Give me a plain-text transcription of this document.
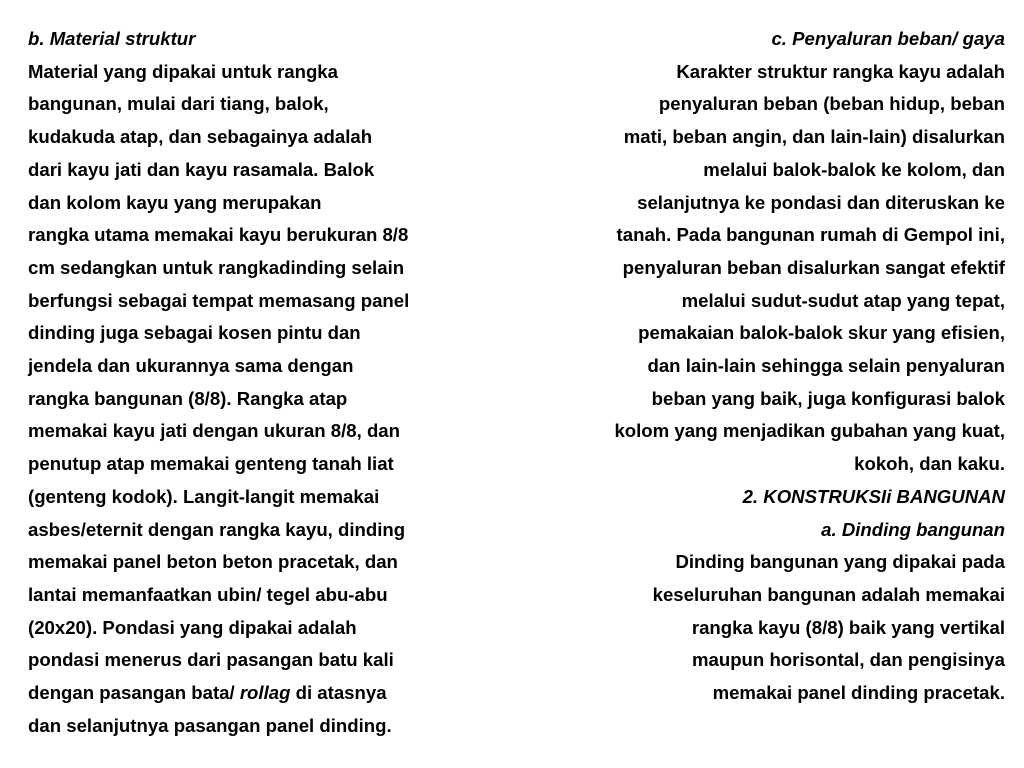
b. Material struktur
Material yang dipakai untuk rangka
bangunan, mulai dari tiang, balok,
kudakuda atap, dan sebagainya adalah
dari kayu jati dan kayu rasamala. Balok
dan kolom kayu yang merupakan
rangka utama memakai kayu berukuran 8/8
cm sedangkan untuk rangkadinding selain
berfungsi sebagai tempat memasang panel
dinding juga sebagai kosen pintu dan
jendela dan ukurannya sama dengan
rangka bangunan (8/8). Rangka atap
memakai kayu jati dengan ukuran 8/8, dan
penutup atap memakai genteng tanah liat
(genteng kodok). Langit-langit memakai
asbes/eternit dengan rangka kayu, dinding
memakai panel beton beton pracetak, dan
lantai memanfaatkan ubin/ tegel abu-abu
(20x20). Pondasi yang dipakai adalah
pondasi menerus dari pasangan batu kali
dengan pasangan bata/ rollag di atasnya
dan selanjutnya pasangan panel dinding.
c. Penyaluran beban/ gaya
Karakter struktur rangka kayu adalah
penyaluran beban (beban hidup, beban
mati, beban angin, dan lain-lain) disalurkan
melalui balok-balok ke kolom, dan
selanjutnya ke pondasi dan diteruskan ke
tanah. Pada bangunan rumah di Gempol ini,
penyaluran beban disalurkan sangat efektif
melalui sudut-sudut atap yang tepat,
pemakaian balok-balok skur yang efisien,
dan lain-lain sehingga selain penyaluran
beban yang baik, juga konfigurasi balok
kolom yang menjadikan gubahan yang kuat,
kokoh, dan kaku.
2. KONSTRUKSIi BANGUNAN
a. Dinding bangunan
Dinding bangunan yang dipakai pada
keseluruhan bangunan adalah memakai
rangka kayu (8/8) baik yang vertikal
maupun horisontal, dan pengisinya
memakai panel dinding pracetak.
